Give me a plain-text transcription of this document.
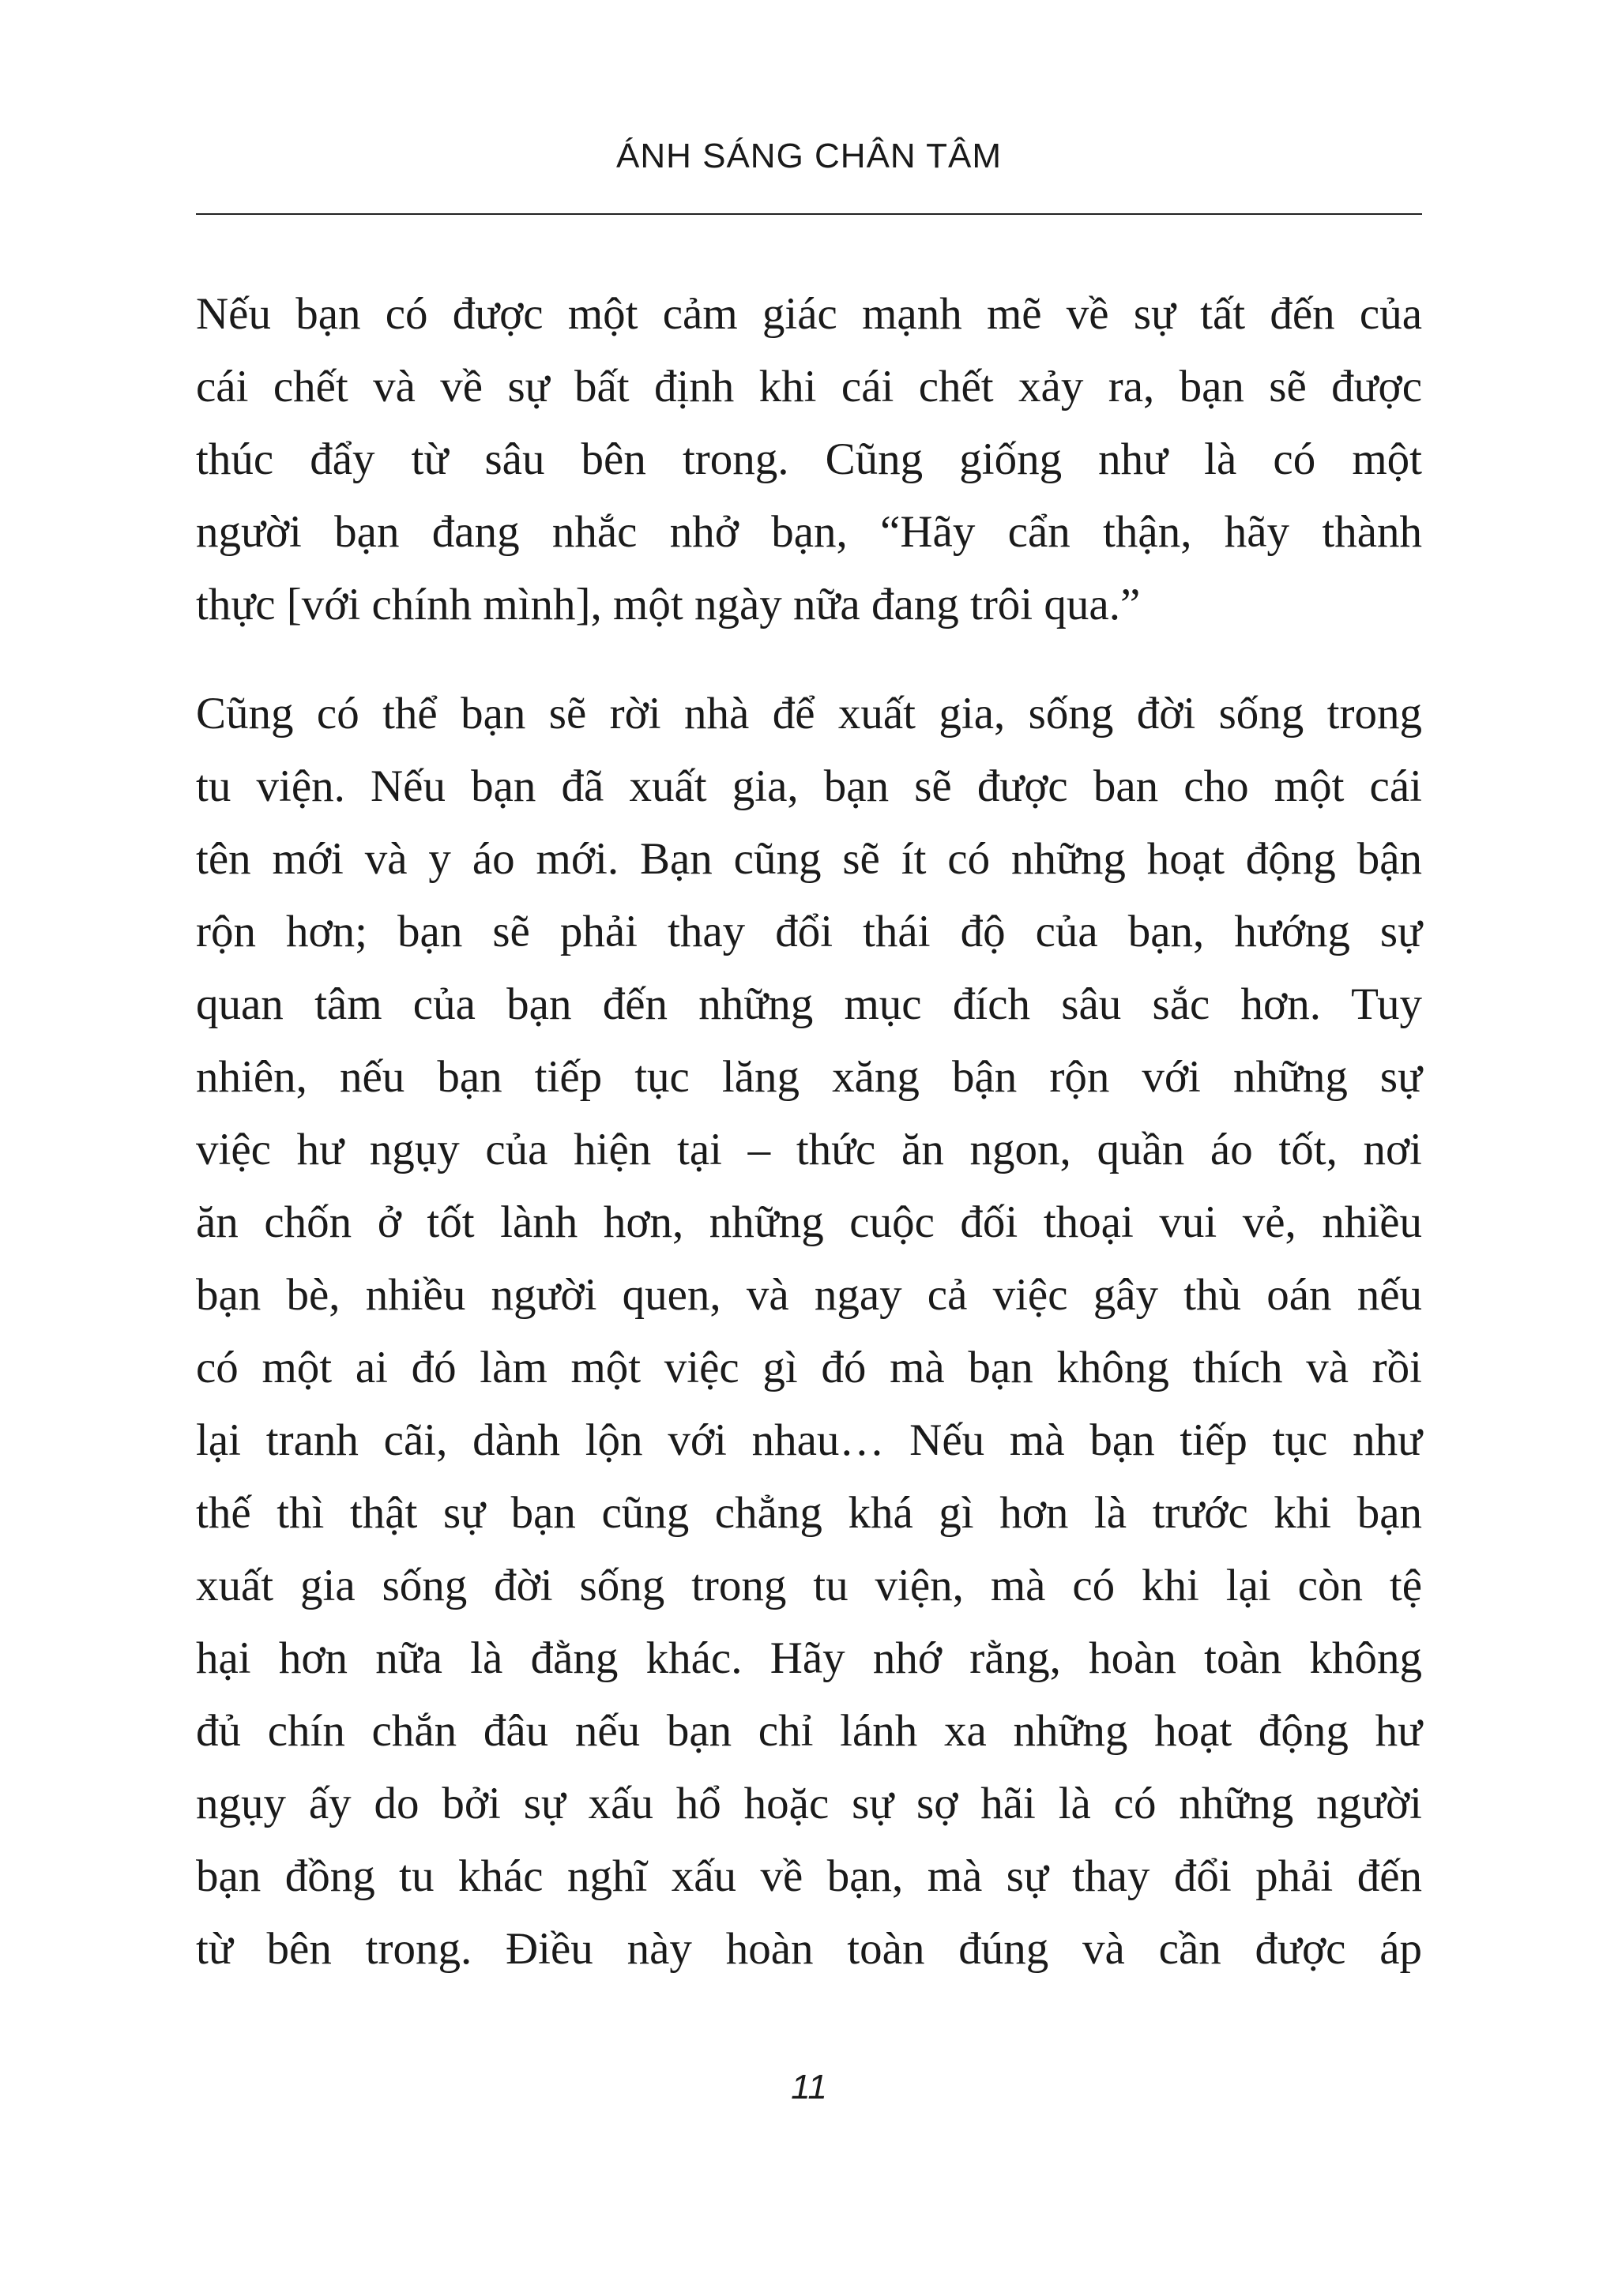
ÁNH SÁNG CHÂN TÂM
Nếu bạn có được một cảm giác mạnh mẽ về sự tất đến của
cái chết và về sự bất định khi cái chết xảy ra, bạn sẽ được
thúc đẩy từ sâu bên trong. Cũng giống như là có một
người bạn đang nhắc nhở bạn, “Hãy cẩn thận, hãy thành
thực [với chính mình], một ngày nữa đang trôi qua.”
Cũng có thể bạn sẽ rời nhà để xuất gia, sống đời sống trong
tu viện. Nếu bạn đã xuất gia, bạn sẽ được ban cho một cái
tên mới và y áo mới. Bạn cũng sẽ ít có những hoạt động bận
rộn hơn; bạn sẽ phải thay đổi thái độ của bạn, hướng sự
quan tâm của bạn đến những mục đích sâu sắc hơn. Tuy
nhiên, nếu bạn tiếp tục lăng xăng bận rộn với những sự
việc hư ngụy của hiện tại – thức ăn ngon, quần áo tốt, nơi
ăn chốn ở tốt lành hơn, những cuộc đối thoại vui vẻ, nhiều
bạn bè, nhiều người quen, và ngay cả việc gây thù oán nếu
có một ai đó làm một việc gì đó mà bạn không thích và rồi
lại tranh cãi, dành lộn với nhau… Nếu mà bạn tiếp tục như
thế thì thật sự bạn cũng chẳng khá gì hơn là trước khi bạn
xuất gia sống đời sống trong tu viện, mà có khi lại còn tệ
hại hơn nữa là đằng khác. Hãy nhớ rằng, hoàn toàn không
đủ chín chắn đâu nếu bạn chỉ lánh xa những hoạt động hư
ngụy ấy do bởi sự xấu hổ hoặc sự sợ hãi là có những người
bạn đồng tu khác nghĩ xấu về bạn, mà sự thay đổi phải đến
từ bên trong. Điều này hoàn toàn đúng và cần được áp
11
